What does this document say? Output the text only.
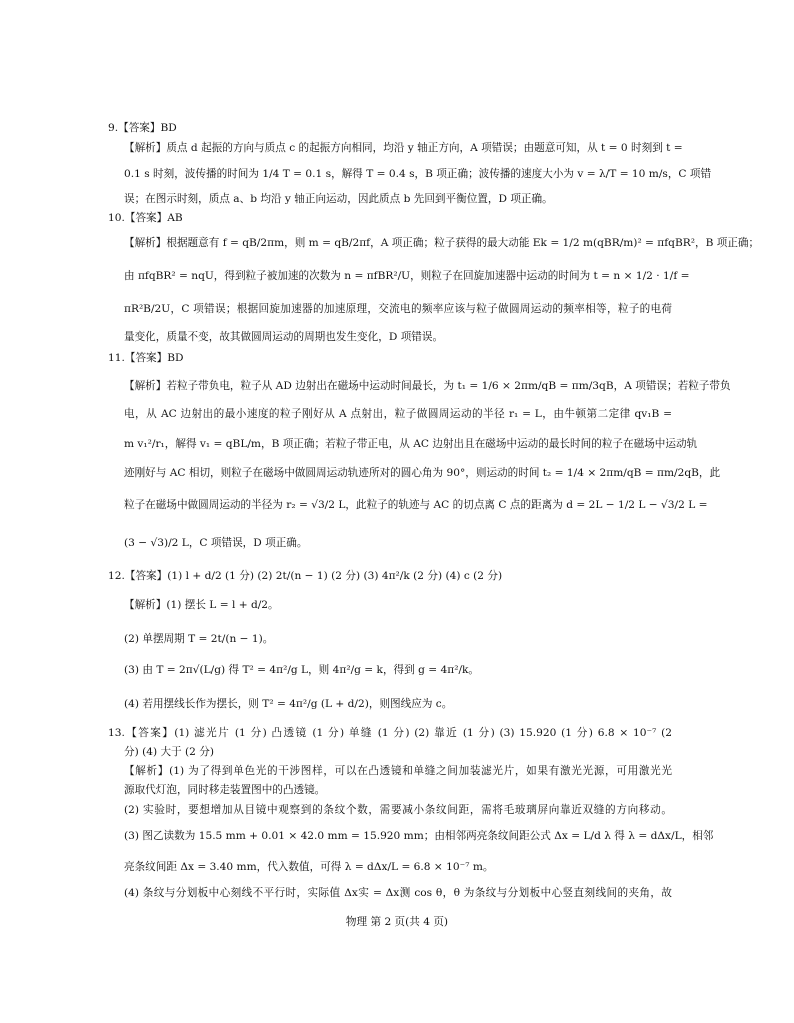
9.【答案】BD
【解析】质点 d 起振的方向与质点 c 的起振方向相同，均沿 y 轴正方向，A 项错误；由题意可知，从 t = 0 时刻到 t =
0.1 s 时刻，波传播的时间为 1/4 T = 0.1 s，解得 T = 0.4 s，B 项正确；波传播的速度大小为 v = λ/T = 10 m/s，C 项错
误；在图示时刻，质点 a、b 均沿 y 轴正向运动，因此质点 b 先回到平衡位置，D 项正确。
10.【答案】AB
【解析】根据题意有 f = qB/2πm，则 m = qB/2πf，A 项正确；粒子获得的最大动能 Ek = 1/2 m(qBR/m)² = πfqBR²，B 项正确；
由 πfqBR² = nqU，得到粒子被加速的次数为 n = πfBR²/U，则粒子在回旋加速器中运动的时间为 t = n × 1/2 · 1/f =
πR²B/2U，C 项错误；根据回旋加速器的加速原理，交流电的频率应该与粒子做圆周运动的频率相等，粒子的电荷
量变化，质量不变，故其做圆周运动的周期也发生变化，D 项错误。
11.【答案】BD
【解析】若粒子带负电，粒子从 AD 边射出在磁场中运动时间最长，为 t₁ = 1/6 × 2πm/qB = πm/3qB，A 项错误；若粒子带负
电，从 AC 边射出的最小速度的粒子刚好从 A 点射出，粒子做圆周运动的半径 r₁ = L，由牛顿第二定律 qv₁B =
m v₁²/r₁，解得 v₁ = qBL/m，B 项正确；若粒子带正电，从 AC 边射出且在磁场中运动的最长时间的粒子在磁场中运动轨
迹刚好与 AC 相切，则粒子在磁场中做圆周运动轨迹所对的圆心角为 90°，则运动的时间 t₂ = 1/4 × 2πm/qB = πm/2qB，此
粒子在磁场中做圆周运动的半径为 r₂ = √3/2 L，此粒子的轨迹与 AC 的切点离 C 点的距离为 d = 2L − 1/2 L − √3/2 L =
(3 − √3)/2 L，C 项错误，D 项正确。
12.【答案】(1) l + d/2 (1 分) (2) 2t/(n − 1) (2 分) (3) 4π²/k (2 分) (4) c (2 分)
【解析】(1) 摆长 L = l + d/2。
(2) 单摆周期 T = 2t/(n − 1)。
(3) 由 T = 2π√(L/g) 得 T² = 4π²/g L，则 4π²/g = k，得到 g = 4π²/k。
(4) 若用摆线长作为摆长，则 T² = 4π²/g (L + d/2)，则图线应为 c。
13.【答案】(1) 滤光片 (1 分) 凸透镜 (1 分) 单缝 (1 分) (2) 靠近 (1 分) (3) 15.920 (1 分) 6.8 × 10⁻⁷ (2
分) (4) 大于 (2 分)
【解析】(1) 为了得到单色光的干涉图样，可以在凸透镜和单缝之间加装滤光片，如果有激光光源，可用激光光
源取代灯泡，同时移走装置图中的凸透镜。
(2) 实验时，要想增加从目镜中观察到的条纹个数，需要减小条纹间距，需将毛玻璃屏向靠近双缝的方向移动。
(3) 图乙读数为 15.5 mm + 0.01 × 42.0 mm = 15.920 mm；由相邻两亮条纹间距公式 Δx = L/d λ 得 λ = dΔx/L，相邻
亮条纹间距 Δx = 3.40 mm，代入数值，可得 λ = dΔx/L = 6.8 × 10⁻⁷ m。
(4) 条纹与分划板中心刻线不平行时，实际值 Δx实 = Δx测 cos θ，θ 为条纹与分划板中心竖直刻线间的夹角，故
物理 第 2 页(共 4 页)
